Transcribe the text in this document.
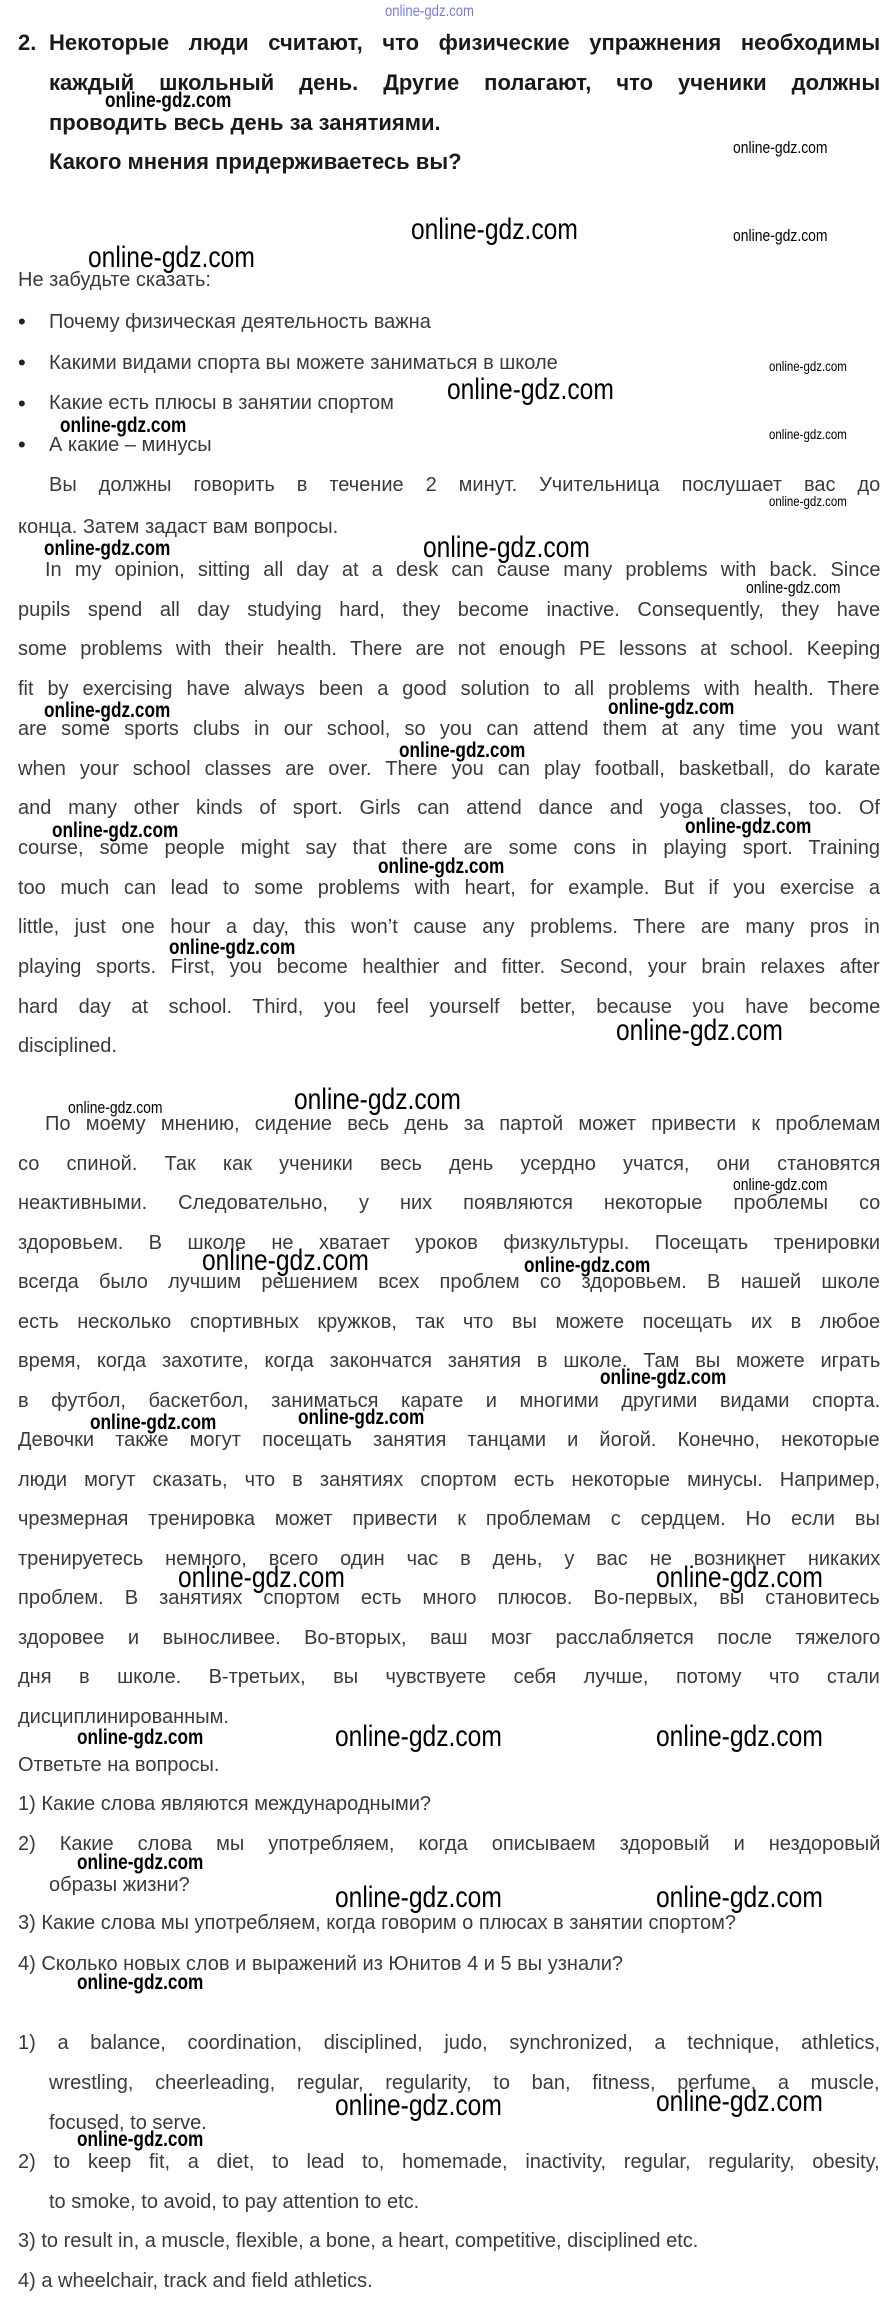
2.
•
•
•
•
Некоторые люди считают, что физические упражнения необходимы
каждый школьный день. Другие полагают, что ученики должны
проводить весь день за занятиями.
Какого мнения придерживаетесь вы?
Не забудьте сказать:
Почему физическая деятельность важна
Какими видами спорта вы можете заниматься в школе
Какие есть плюсы в занятии спортом
А какие – минусы
Вы должны говорить в течение 2 минут. Учительница послушает вас до
конца. Затем задаст вам вопросы.
In my opinion, sitting all day at a desk can cause many problems with back. Since
pupils spend all day studying hard, they become inactive. Consequently, they have
some problems with their health. There are not enough PE lessons at school. Keeping
fit by exercising have always been a good solution to all problems with health. There
are some sports clubs in our school, so you can attend them at any time you want
when your school classes are over. There you can play football, basketball, do karate
and many other kinds of sport. Girls can attend dance and yoga classes, too. Of
course, some people might say that there are some cons in playing sport. Training
too much can lead to some problems with heart, for example. But if you exercise a
little, just one hour a day, this won’t cause any problems. There are many pros in
playing sports. First, you become healthier and fitter. Second, your brain relaxes after
hard day at school. Third, you feel yourself better, because you have become
disciplined.
По моему мнению, сидение весь день за партой может привести к проблемам
со спиной. Так как ученики весь день усердно учатся, они становятся
неактивными. Следовательно, у них появляются некоторые проблемы со
здоровьем. В школе не хватает уроков физкультуры. Посещать тренировки
всегда было лучшим решением всех проблем со здоровьем. В нашей школе
есть несколько спортивных кружков, так что вы можете посещать их в любое
время, когда захотите, когда закончатся занятия в школе. Там вы можете играть
в футбол, баскетбол, заниматься карате и многими другими видами спорта.
Девочки также могут посещать занятия танцами и йогой. Конечно, некоторые
люди могут сказать, что в занятиях спортом есть некоторые минусы. Например,
чрезмерная тренировка может привести к проблемам с сердцем. Но если вы
тренируетесь немного, всего один час в день, у вас не возникнет никаких
проблем. В занятиях спортом есть много плюсов. Во-первых, вы становитесь
здоровее и выносливее. Во-вторых, ваш мозг расслабляется после тяжелого
дня в школе. В-третьих, вы чувствуете себя лучше, потому что стали
дисциплинированным.
Ответьте на вопросы.
1) Какие слова являются международными?
2) Какие слова мы употребляем, когда описываем здоровый и нездоровый
образы жизни?
3) Какие слова мы употребляем, когда говорим о плюсах в занятии спортом?
4) Сколько новых слов и выражений из Юнитов 4 и 5 вы узнали?
1) a balance, coordination, disciplined, judo, synchronized, a technique, athletics,
wrestling, cheerleading, regular, regularity, to ban, fitness, perfume, a muscle,
focused, to serve.
2) to keep fit, a diet, to lead to, homemade, inactivity, regular, regularity, obesity,
to smoke, to avoid, to pay attention to etc.
3) to result in, a muscle, flexible, a bone, a heart, competitive, disciplined etc.
4) a wheelchair, track and field athletics.
online-gdz.com
online-gdz.com
online-gdz.com	online-gdz.com
online-gdz.com
online-gdz.com
online-gdz.com
online-gdz.com	online-gdz.com
online-gdz.com
online-gdz.com	online-gdz.com
online-gdz.com
online-gdz.com	online-gdz.com
online-gdz.com
online-gdz.com	online-gdz.com
online-gdz.com
online-gdz.com
online-gdz.com
online-gdz.com	online-gdz.com
online-gdz.com
online-gdz.com	online-gdz.com
online-gdz.com
online-gdz.com	online-gdz.com
online-gdz.com	online-gdz.com
online-gdz.com	online-gdz.com	online-gdz.com
online-gdz.com
online-gdz.com	online-gdz.com
online-gdz.com
online-gdz.com	online-gdz.com
online-gdz.com
online-gdz.com
